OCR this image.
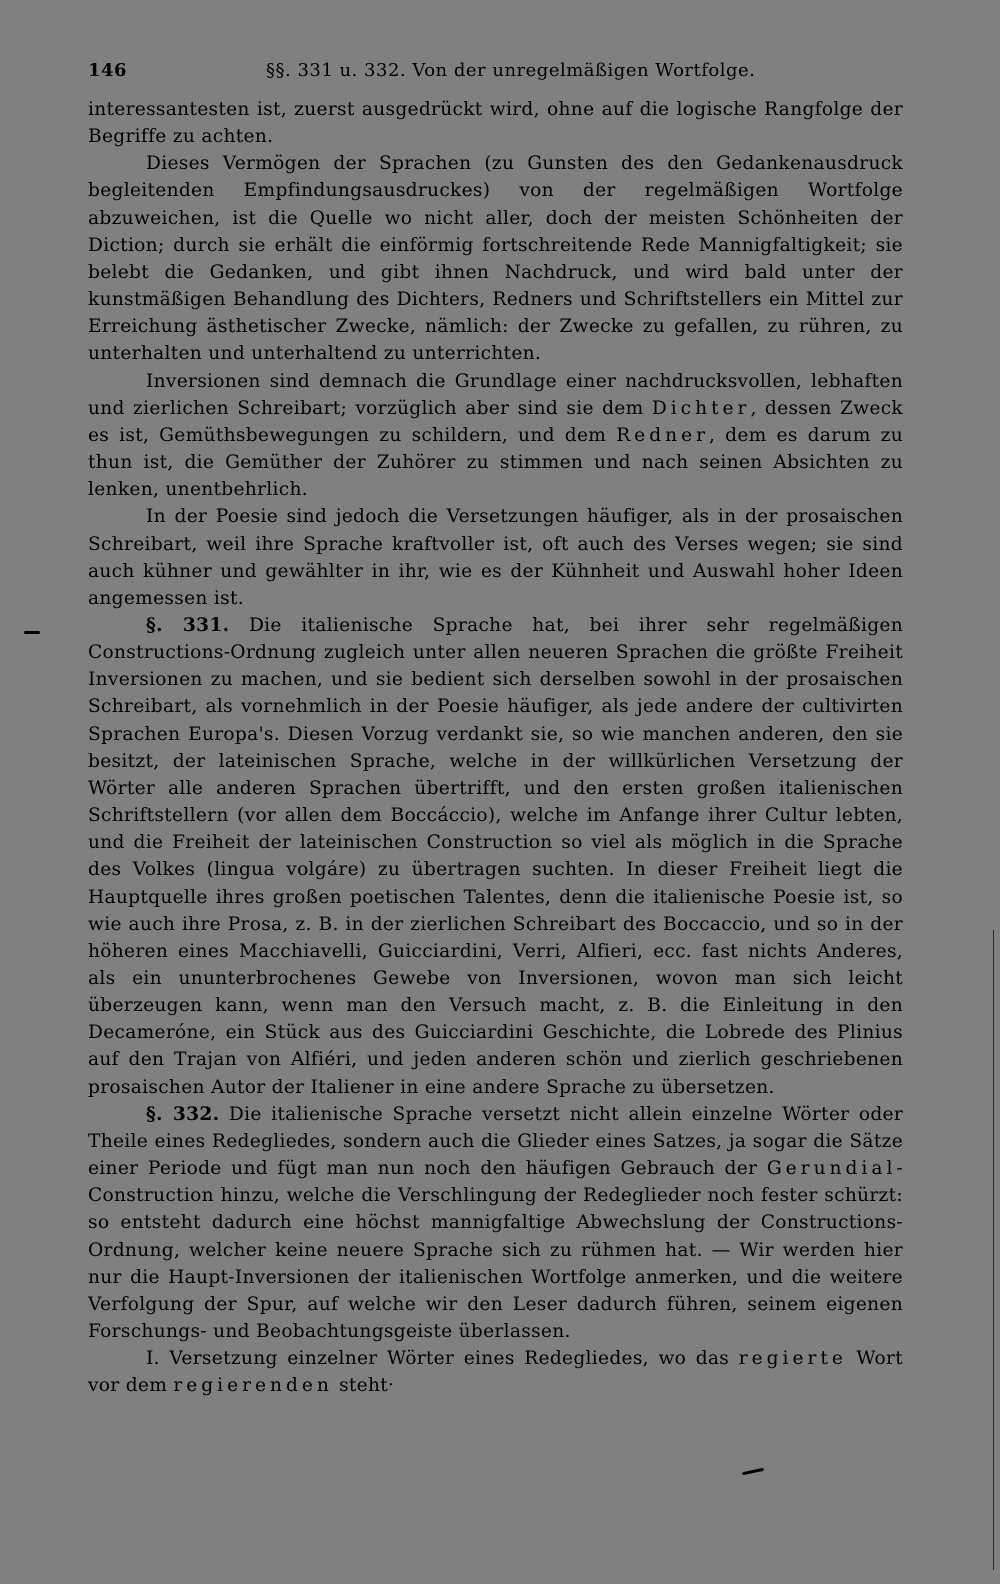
146	§§. 331 u. 332. Von der unregelmäßigen Wortfolge.

interessantesten ist, zuerst ausgedrückt wird, ohne auf die logische Rangfolge der Begriffe zu achten.

Dieses Vermögen der Sprachen (zu Gunsten des den Gedankenausdruck begleitenden Empfindungsausdruckes) von der regelmäßigen Wortfolge abzuweichen, ist die Quelle wo nicht aller, doch der meisten Schönheiten der Diction; durch sie erhält die einförmig fortschreitende Rede Mannigfaltigkeit; sie belebt die Gedanken, und gibt ihnen Nachdruck, und wird bald unter der kunstmäßigen Behandlung des Dichters, Redners und Schriftstellers ein Mittel zur Erreichung ästhetischer Zwecke, nämlich: der Zwecke zu gefallen, zu rühren, zu unterhalten und unterhaltend zu unterrichten.

Inversionen sind demnach die Grundlage einer nachdrucksvollen, lebhaften und zierlichen Schreibart; vorzüglich aber sind sie dem Dichter, dessen Zweck es ist, Gemüthsbewegungen zu schildern, und dem Redner, dem es darum zu thun ist, die Gemüther der Zuhörer zu stimmen und nach seinen Absichten zu lenken, unentbehrlich.

In der Poesie sind jedoch die Versetzungen häufiger, als in der prosaischen Schreibart, weil ihre Sprache kraftvoller ist, oft auch des Verses wegen; sie sind auch kühner und gewählter in ihr, wie es der Kühnheit und Auswahl hoher Ideen angemessen ist.

§. 331. Die italienische Sprache hat, bei ihrer sehr regelmäßigen Constructions-Ordnung zugleich unter allen neueren Sprachen die größte Freiheit Inversionen zu machen, und sie bedient sich derselben sowohl in der prosaischen Schreibart, als vornehmlich in der Poesie häufiger, als jede andere der cultivirten Sprachen Europa's. Diesen Vorzug verdankt sie, so wie manchen anderen, den sie besitzt, der lateinischen Sprache, welche in der willkürlichen Versetzung der Wörter alle anderen Sprachen übertrifft, und den ersten großen italienischen Schriftstellern (vor allen dem Boccáccio), welche im Anfange ihrer Cultur lebten, und die Freiheit der lateinischen Construction so viel als möglich in die Sprache des Volkes (lingua volgáre) zu übertragen suchten. In dieser Freiheit liegt die Hauptquelle ihres großen poetischen Talentes, denn die italienische Poesie ist, so wie auch ihre Prosa, z. B. in der zierlichen Schreibart des Boccaccio, und so in der höheren eines Macchiavelli, Guicciardini, Verri, Alfieri, ecc. fast nichts Anderes, als ein ununterbrochenes Gewebe von Inversionen, wovon man sich leicht überzeugen kann, wenn man den Versuch macht, z. B. die Einleitung in den Decamerónе, ein Stück aus des Guicciardini Geschichte, die Lobrede des Plinius auf den Trajan von Alfiéri, und jeden anderen schön und zierlich geschriebenen prosaischen Autor der Italiener in eine andere Sprache zu übersetzen.

§. 332. Die italienische Sprache versetzt nicht allein einzelne Wörter oder Theile eines Redegliedes, sondern auch die Glieder eines Satzes, ja sogar die Sätze einer Periode und fügt man nun noch den häufigen Gebrauch der Gerundial-Construction hinzu, welche die Verschlingung der Redeglieder noch fester schürzt: so entsteht dadurch eine höchst mannigfaltige Abwechslung der Constructions-Ordnung, welcher keine neuere Sprache sich zu rühmen hat. — Wir werden hier nur die Haupt-Inversionen der italienischen Wortfolge anmerken, und die weitere Verfolgung der Spur, auf welche wir den Leser dadurch führen, seinem eigenen Forschungs- und Beobachtungsgeiste überlassen.

I. Versetzung einzelner Wörter eines Redegliedes, wo das regierte Wort vor dem regierenden steht·
